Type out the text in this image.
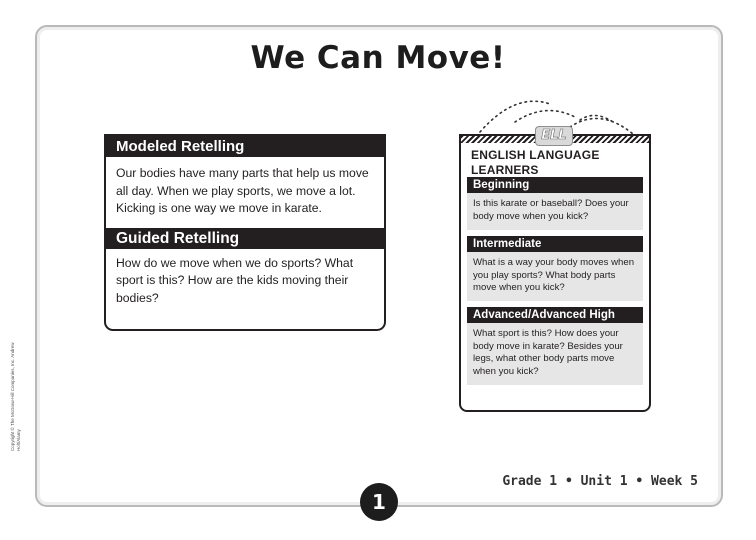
We Can Move!
Modeled Retelling
Our bodies have many parts that help us move all day. When we play sports, we move a lot. Kicking is one way we move in karate.
Guided Retelling
How do we move when we do sports? What sport is this? How are the kids moving their bodies?
ENGLISH LANGUAGE LEARNERS
Beginning
Is this karate or baseball? Does your body move when you kick?
Intermediate
What is a way your body moves when you play sports? What body parts move when you kick?
Advanced/Advanced High
What sport is this? How does your body move in karate? Besides your legs, what other body parts move when you kick?
ELL
Copyright © The McGraw-Hill Companies, Inc. Andrew Holt/Alamy
Grade 1 • Unit 1 • Week 5
1
